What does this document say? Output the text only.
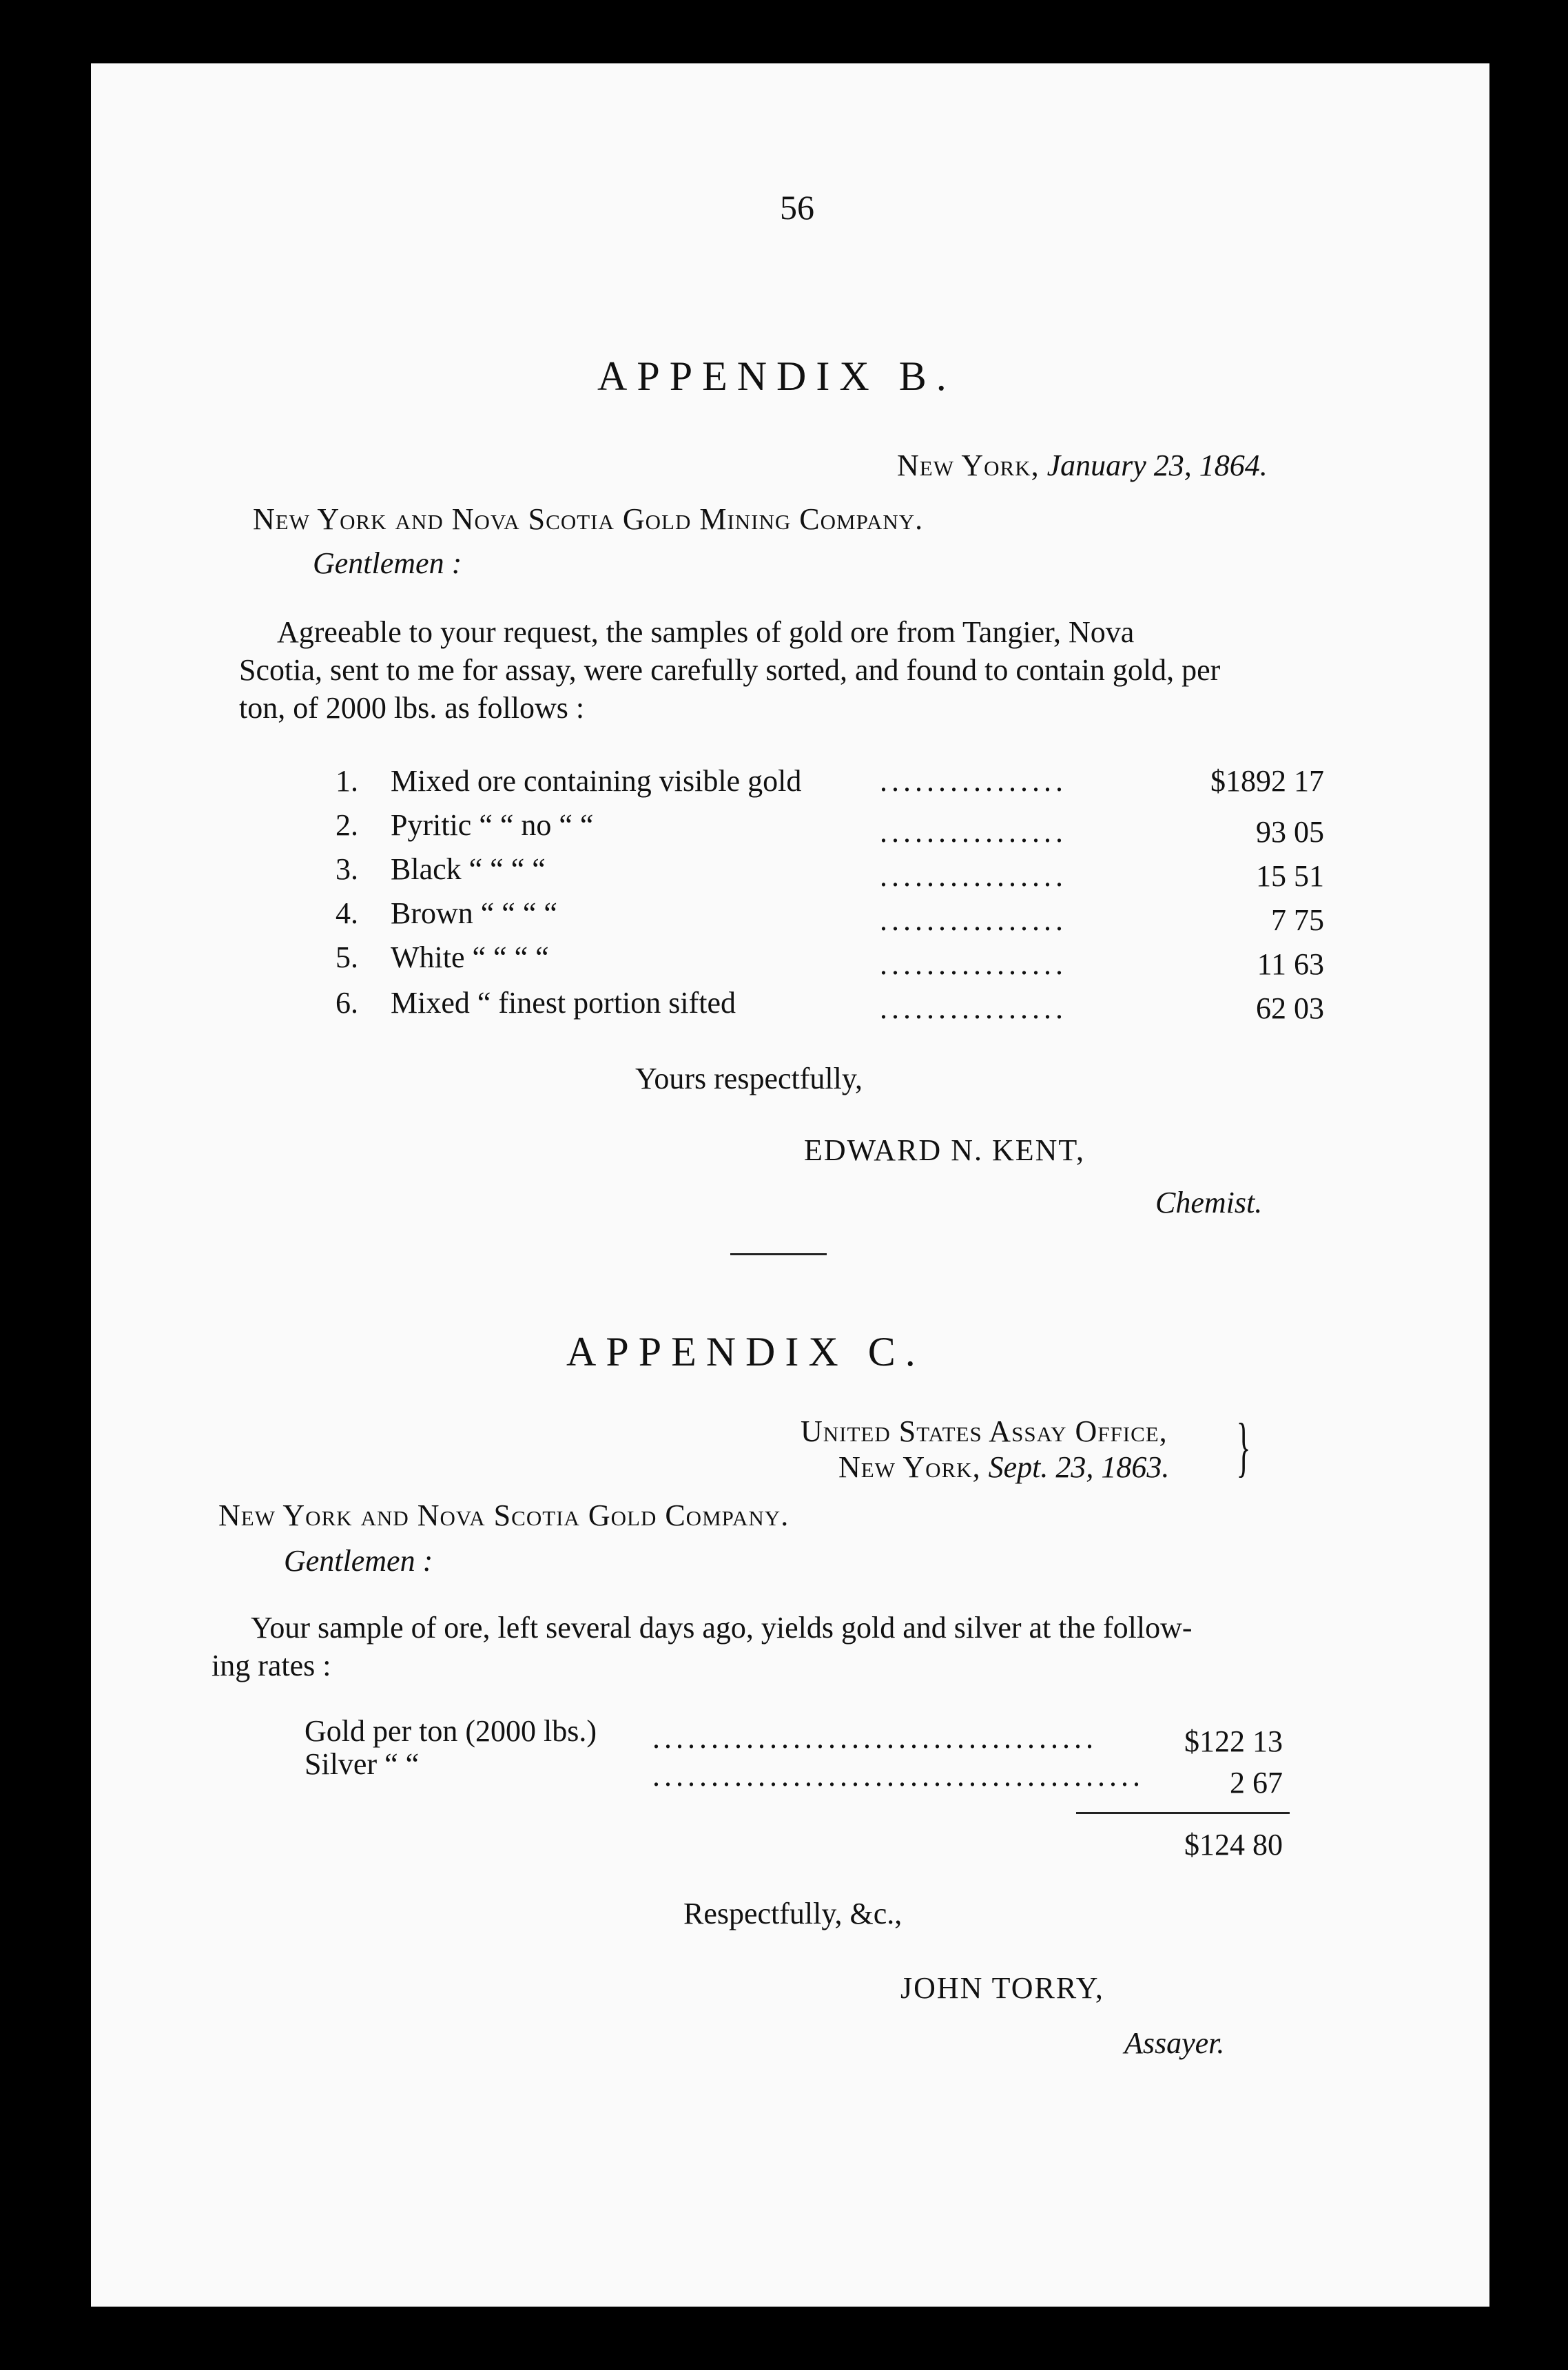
56
APPENDIX B.
New York, January 23, 1864.
New York and Nova Scotia Gold Mining Company.
Gentlemen :
Agreeable to your request, the samples of gold ore from Tangier, Nova
Scotia, sent to me for assay, were carefully sorted, and found to contain gold, per
ton, of 2000 lbs. as follows :
1. Mixed ore containing visible gold	................	$1892 17
2. Pyritic “ “ no “ “	................	93 05
3. Black “ “ “ “	................	15 51
4. Brown “ “ “ “	................	7 75
5. White “ “ “ “	................	11 63
6. Mixed “ finest portion sifted	................	62 03
Yours respectfully,
EDWARD N. KENT,
Chemist.
APPENDIX C.
United States Assay Office,
New York, Sept. 23, 1863. }
New York and Nova Scotia Gold Company.
Gentlemen :
Your sample of ore, left several days ago, yields gold and silver at the follow-
ing rates :
Gold per ton (2000 lbs.) ......................................	$122 13
Silver “ “	..........................................	2 67
$124 80
Respectfully, &c.,
JOHN TORRY,
Assayer.
